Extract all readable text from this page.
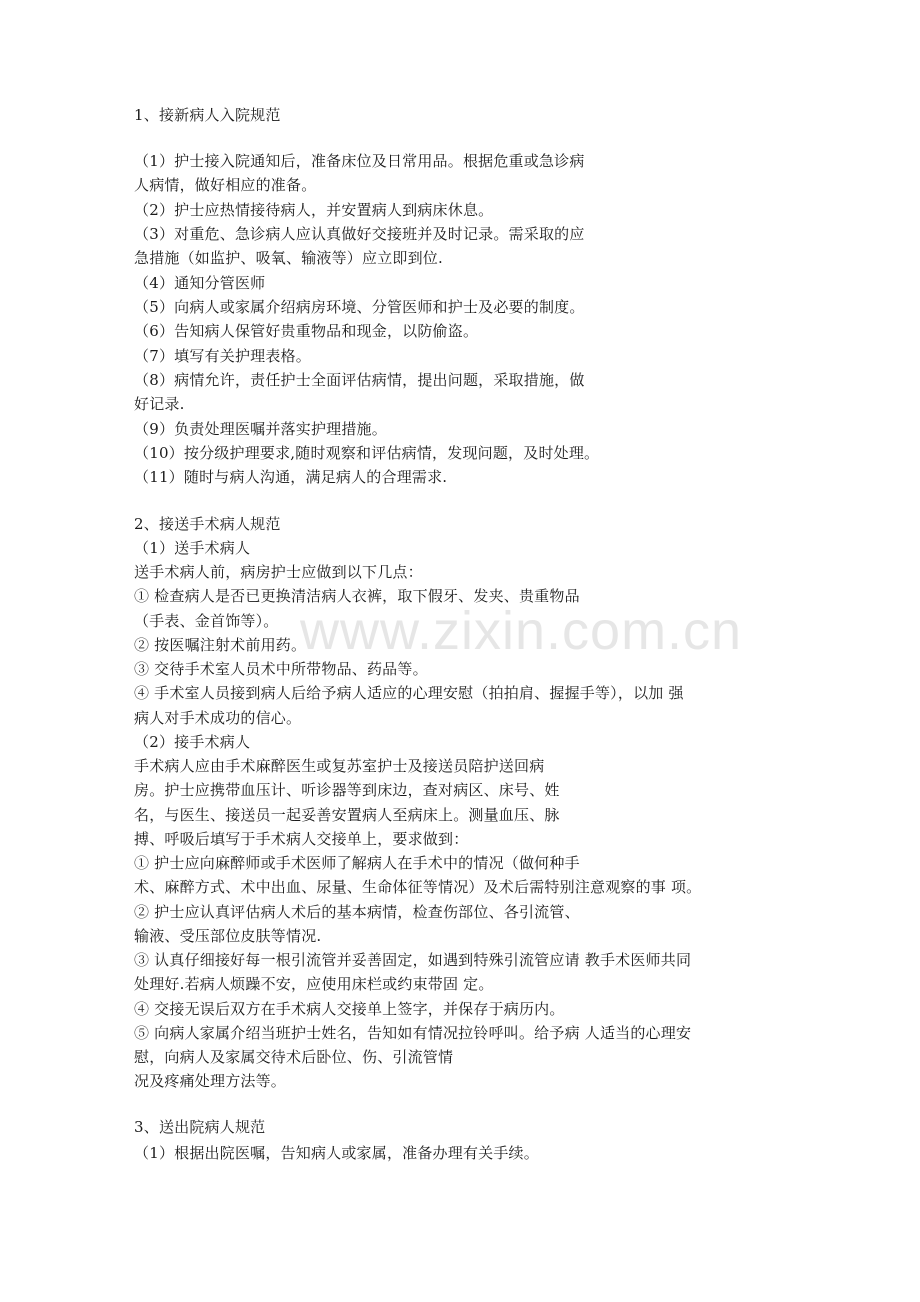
www.zixin.com.cn
1、接新病人入院规范
（1）护士接入院通知后，准备床位及日常用品。根据危重或急诊病
人病情，做好相应的准备。
（2）护士应热情接待病人，并安置病人到病床休息。
（3）对重危、急诊病人应认真做好交接班并及时记录。需采取的应
急措施（如监护、吸氧、输液等）应立即到位.
（4）通知分管医师
（5）向病人或家属介绍病房环境、分管医师和护士及必要的制度。
（6）告知病人保管好贵重物品和现金，以防偷盗。
（7）填写有关护理表格。
（8）病情允许，责任护士全面评估病情，提出问题，采取措施，做
好记录.
（9）负责处理医嘱并落实护理措施。
（10）按分级护理要求,随时观察和评估病情，发现问题，及时处理。
（11）随时与病人沟通，满足病人的合理需求.
2、接送手术病人规范
（1）送手术病人
送手术病人前，病房护士应做到以下几点：
① 检查病人是否已更换清洁病人衣裤，取下假牙、发夹、贵重物品
（手表、金首饰等）。
② 按医嘱注射术前用药。
③ 交待手术室人员术中所带物品、药品等。
④ 手术室人员接到病人后给予病人适应的心理安慰（拍拍肩、握握手等），以加 强
病人对手术成功的信心。
（2）接手术病人
手术病人应由手术麻醉医生或复苏室护士及接送员陪护送回病
房。护士应携带血压计、听诊器等到床边，查对病区、床号、姓
名，与医生、接送员一起妥善安置病人至病床上。测量血压、脉
搏、呼吸后填写于手术病人交接单上，要求做到：
① 护士应向麻醉师或手术医师了解病人在手术中的情况（做何种手
术、麻醉方式、术中出血、尿量、生命体征等情况）及术后需特别注意观察的事 项。
② 护士应认真评估病人术后的基本病情，检查伤部位、各引流管、
输液、受压部位皮肤等情况.
③ 认真仔细接好每一根引流管并妥善固定，如遇到特殊引流管应请 教手术医师共同
处理好.若病人烦躁不安，应使用床栏或约束带固 定。
④ 交接无误后双方在手术病人交接单上签字，并保存于病历内。
⑤ 向病人家属介绍当班护士姓名，告知如有情况拉铃呼叫。给予病 人适当的心理安
慰，向病人及家属交待术后卧位、伤、引流管情
况及疼痛处理方法等。
3、送出院病人规范
（1）根据出院医嘱，告知病人或家属，准备办理有关手续。
